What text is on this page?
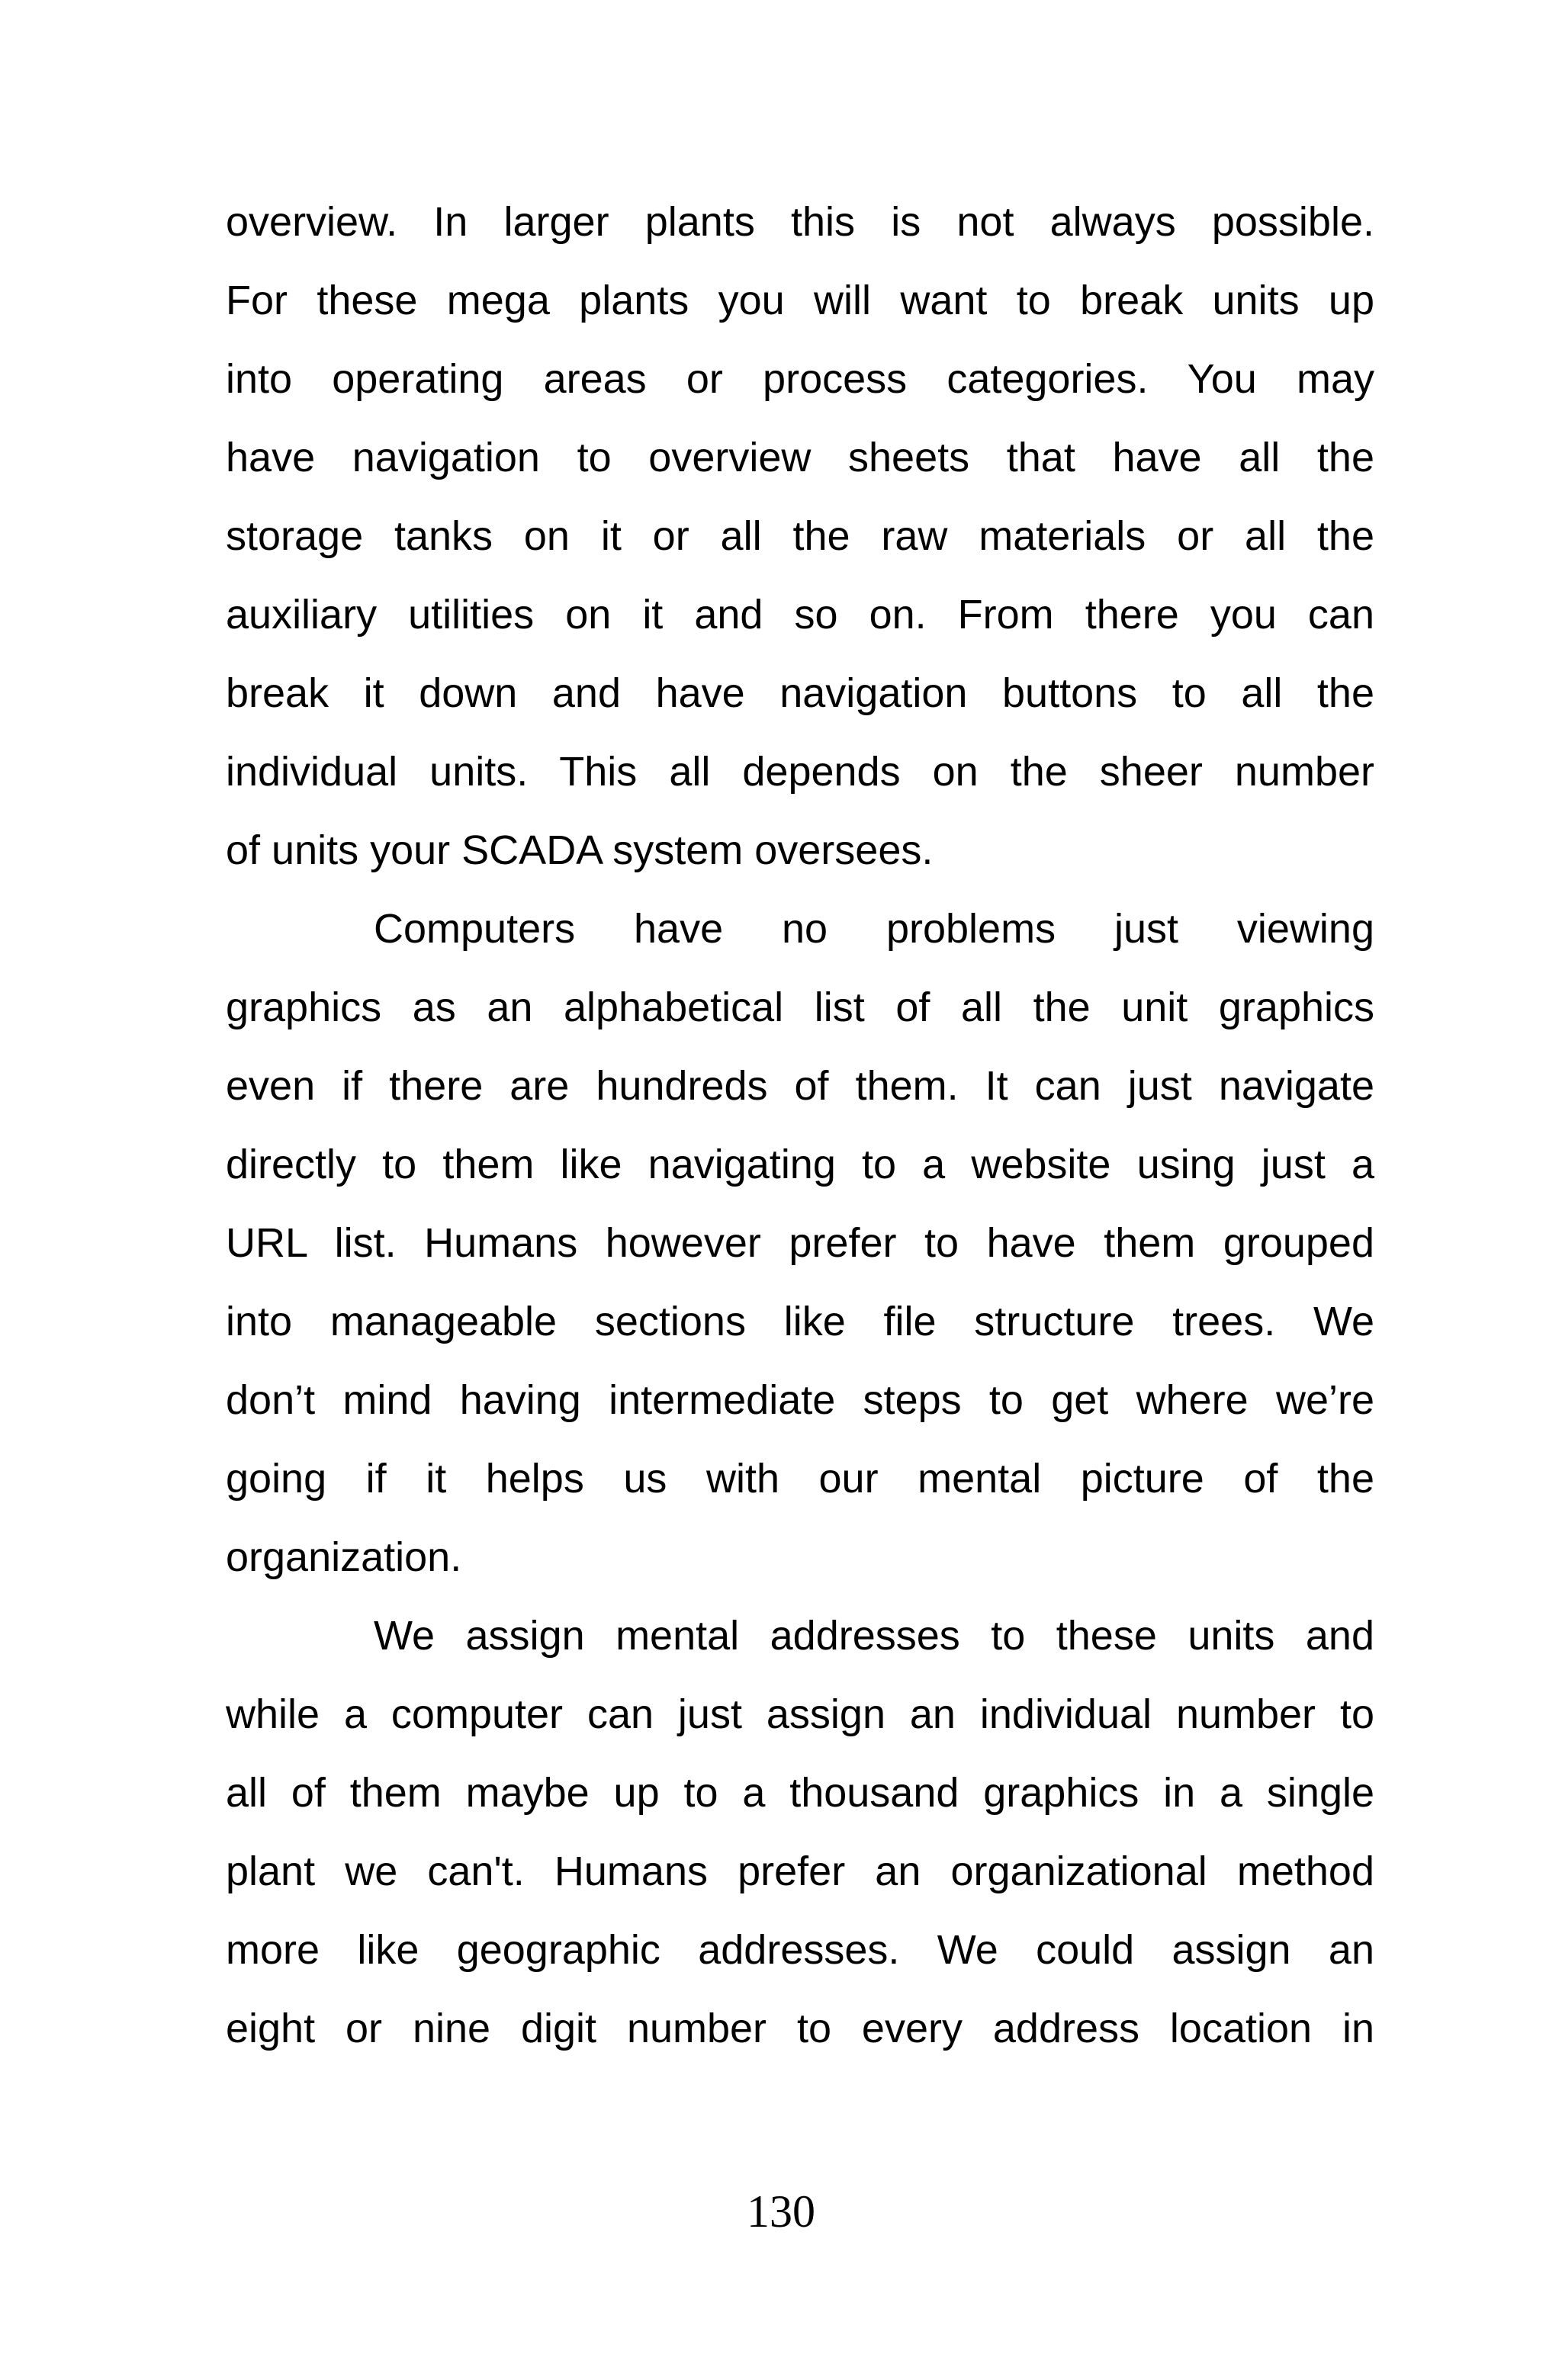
overview. In larger plants this is not always possible.
For these mega plants you will want to break units up
into operating areas or process categories. You may
have navigation to overview sheets that have all the
storage tanks on it or all the raw materials or all the
auxiliary utilities on it and so on. From there you can
break it down and have navigation buttons to all the
individual units. This all depends on the sheer number
of units your SCADA system oversees.
Computers have no problems just viewing
graphics as an alphabetical list of all the unit graphics
even if there are hundreds of them. It can just navigate
directly to them like navigating to a website using just a
URL list. Humans however prefer to have them grouped
into manageable sections like file structure trees. We
don’t mind having intermediate steps to get where we’re
going if it helps us with our mental picture of the
organization.
We assign mental addresses to these units and
while a computer can just assign an individual number to
all of them maybe up to a thousand graphics in a single
plant we can't. Humans prefer an organizational method
more like geographic addresses. We could assign an
eight or nine digit number to every address location in
130
